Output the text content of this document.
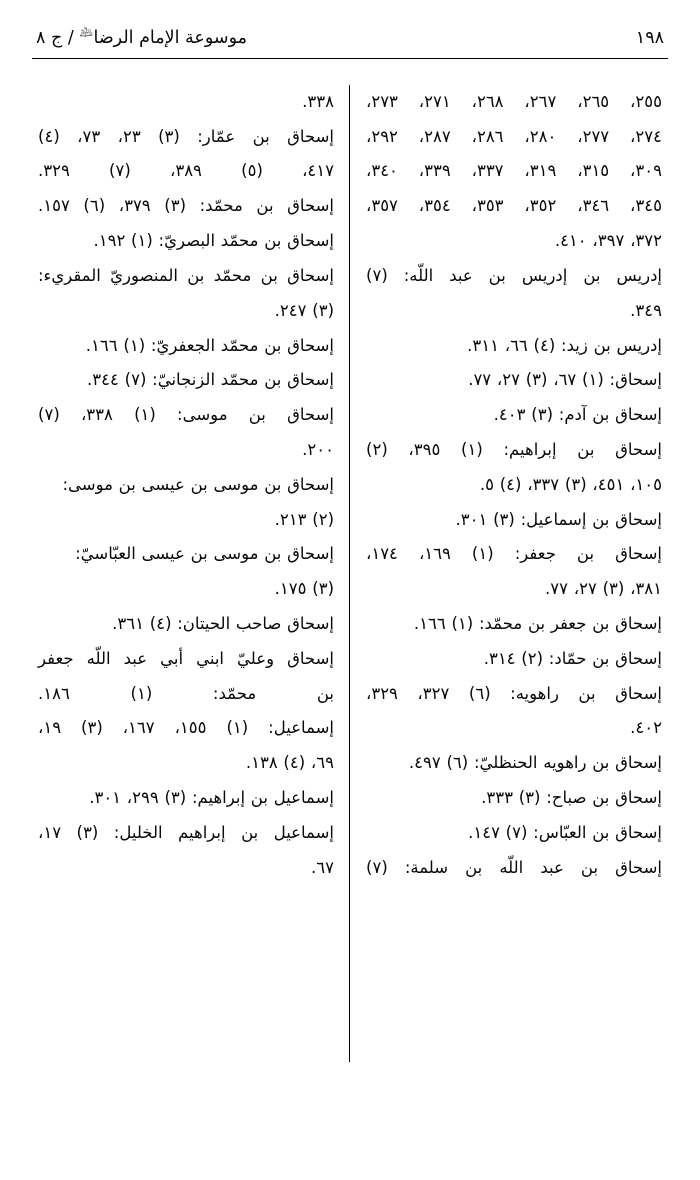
موسوعة الإمام الرضا﵇ / ج ٨	١٩٨

٢٥٥، ٢٦٥، ٢٦٧، ٢٦٨، ٢٧١، ٢٧٣،

٢٧٤، ٢٧٧، ٢٨٠، ٢٨٦، ٢٨٧، ٢٩٢،

٣٠٩، ٣١٥، ٣١٩، ٣٣٧، ٣٣٩، ٣٤٠،

٣٤٥، ٣٤٦، ٣٥٢، ٣٥٣، ٣٥٤، ٣٥٧،

٣٧٢، ٣٩٧، ٤١٠.

إدريس بن إدريس بن عبد اللّه: (٧)

٣٤٩.

إدريس بن زيد: (٤) ٦٦، ٣١١.

إسحاق: (١) ٦٧، (٣) ٢٧، ٧٧.

إسحاق بن آدم: (٣) ٤٠٣.

إسحاق بن إبراهيم: (١) ٣٩٥، (٢)

١٠٥، ٤٥١، (٣) ٣٣٧، (٤) ٥.

إسحاق بن إسماعيل: (٣) ٣٠١.

إسحاق بن جعفر: (١) ١٦٩، ١٧٤،

٣٨١، (٣) ٢٧، ٧٧.

إسحاق بن جعفر بن محمّد: (١) ١٦٦.

إسحاق بن حمّاد: (٢) ٣١٤.

إسحاق بن راهويه: (٦) ٣٢٧، ٣٢٩،

٤٠٢.

إسحاق بن راهويه الحنظليّ: (٦) ٤٩٧.

إسحاق بن صباح: (٣) ٣٣٣.

إسحاق بن العبّاس: (٧) ١٤٧.

إسحاق بن عبد اللّه بن سلمة: (٧)

٣٣٨.

إسحاق بن عمّار: (٣) ٢٣، ٧٣، (٤)

٤١٧، (٥) ٣٨٩، (٧) ٣٢٩.

إسحاق بن محمّد: (٣) ٣٧٩، (٦) ١٥٧.

إسحاق بن محمّد البصريّ: (١) ١٩٢.

إسحاق بن محمّد بن المنصوريّ المقريء:

(٣) ٢٤٧.

إسحاق بن محمّد الجعفريّ: (١) ١٦٦.

إسحاق بن محمّد الزنجانيّ: (٧) ٣٤٤.

إسحاق بن موسى: (١) ٣٣٨، (٧)

٢٠٠.

إسحاق بن موسى بن عيسى بن موسى:

(٢) ٢١٣.

إسحاق بن موسى بن عيسى العبّاسيّ:

(٣) ١٧٥.

إسحاق صاحب الحيتان: (٤) ٣٦١.

إسحاق وعليّ ابني أبي عبد اللّه جعفر

بن محمّد: (١) ١٨٦.

إسماعيل: (١) ١٥٥، ١٦٧، (٣) ١٩،

٦٩، (٤) ١٣٨.

إسماعيل بن إبراهيم: (٣) ٢٩٩، ٣٠١.

إسماعيل بن إبراهيم الخليل: (٣) ١٧،

٦٧.
